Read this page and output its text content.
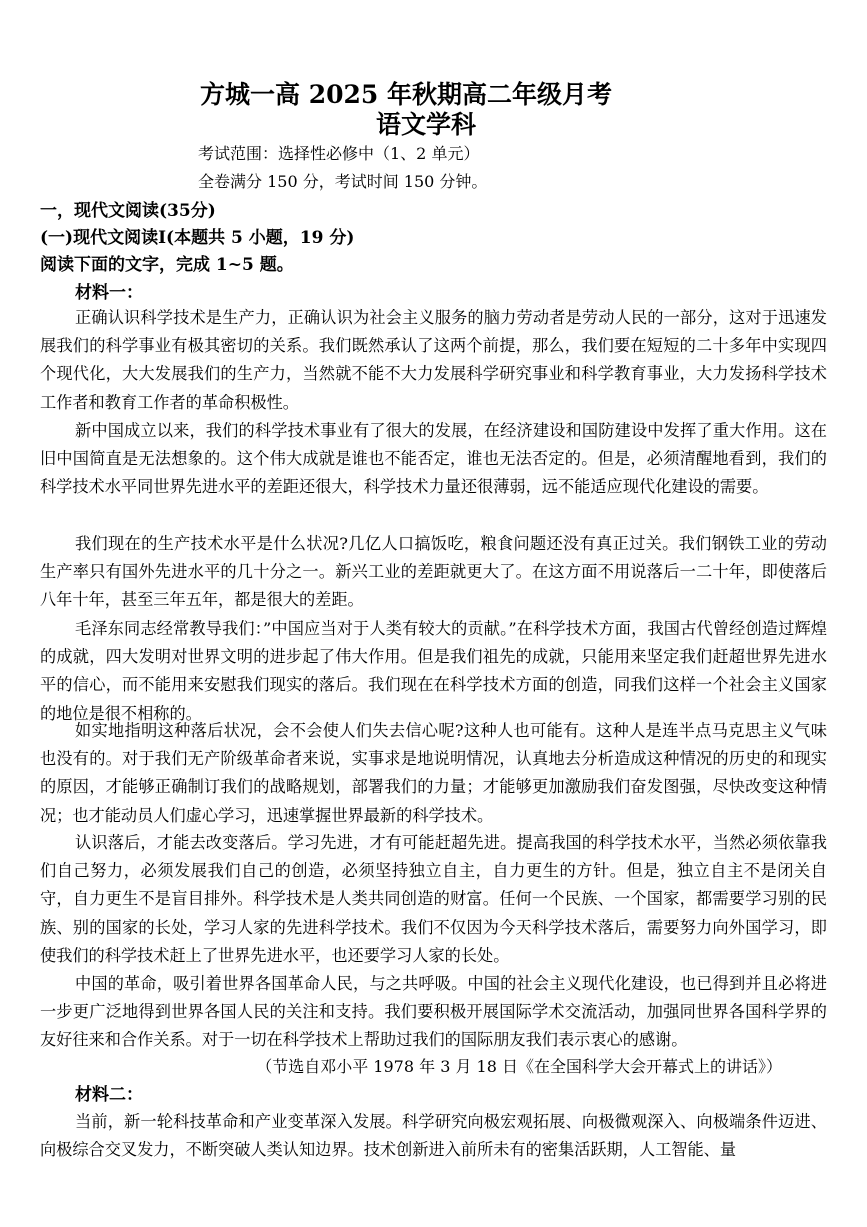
方城一高 2025 年秋期高二年级月考
语文学科
考试范围：选择性必修中（1、2 单元）
全卷满分 150 分，考试时间 150 分钟。
一，现代文阅读(35分)
(一)现代文阅读Ⅰ(本题共 5 小题，19 分)
阅读下面的文字，完成 1~5 题。
材料一：

正确认识科学技术是生产力，正确认识为社会主义服务的脑力劳动者是劳动人民的一部分，这对于迅速发展我们的科学事业有极其密切的关系。我们既然承认了这两个前提，那么，我们要在短短的二十多年中实现四个现代化，大大发展我们的生产力，当然就不能不大力发展科学研究事业和科学教育事业，大力发扬科学技术工作者和教育工作者的革命积极性。

新中国成立以来，我们的科学技术事业有了很大的发展，在经济建设和国防建设中发挥了重大作用。这在旧中国简直是无法想象的。这个伟大成就是谁也不能否定，谁也无法否定的。但是，必须清醒地看到，我们的科学技术水平同世界先进水平的差距还很大，科学技术力量还很薄弱，远不能适应现代化建设的需要。

我们现在的生产技术水平是什么状况?几亿人口搞饭吃，粮食问题还没有真正过关。我们钢铁工业的劳动生产率只有国外先进水平的几十分之一。新兴工业的差距就更大了。在这方面不用说落后一二十年，即使落后八年十年，甚至三年五年，都是很大的差距。

毛泽东同志经常教导我们：”中国应当对于人类有较大的贡献。”在科学技术方面，我国古代曾经创造过辉煌的成就，四大发明对世界文明的进步起了伟大作用。但是我们祖先的成就，只能用来坚定我们赶超世界先进水平的信心，而不能用来安慰我们现实的落后。我们现在在科学技术方面的创造，同我们这样一个社会主义国家的地位是很不相称的。

如实地指明这种落后状况，会不会使人们失去信心呢?这种人也可能有。这种人是连半点马克思主义气味也没有的。对于我们无产阶级革命者来说，实事求是地说明情况，认真地去分析造成这种情况的历史的和现实的原因，才能够正确制订我们的战略规划，部署我们的力量；才能够更加激励我们奋发图强，尽快改变这种情况；也才能动员人们虚心学习，迅速掌握世界最新的科学技术。

认识落后，才能去改变落后。学习先进，才有可能赶超先进。提高我国的科学技术水平，当然必须依靠我们自己努力，必须发展我们自己的创造，必须坚持独立自主，自力更生的方针。但是，独立自主不是闭关自守，自力更生不是盲目排外。科学技术是人类共同创造的财富。任何一个民族、一个国家，都需要学习别的民族、别的国家的长处，学习人家的先进科学技术。我们不仅因为今天科学技术落后，需要努力向外国学习，即使我们的科学技术赶上了世界先进水平，也还要学习人家的长处。

中国的革命，吸引着世界各国革命人民，与之共呼吸。中国的社会主义现代化建设，也已得到并且必将进一步更广泛地得到世界各国人民的关注和支持。我们要积极开展国际学术交流活动，加强同世界各国科学界的友好往来和合作关系。对于一切在科学技术上帮助过我们的国际朋友我们表示衷心的感谢。

（节选自邓小平 1978 年 3 月 18 日《在全国科学大会开幕式上的讲话》）
材料二：

当前，新一轮科技革命和产业变革深入发展。科学研究向极宏观拓展、向极微观深入、向极端条件迈进、向极综合交叉发力，不断突破人类认知边界。技术创新进入前所未有的密集活跃期，人工智能、量
